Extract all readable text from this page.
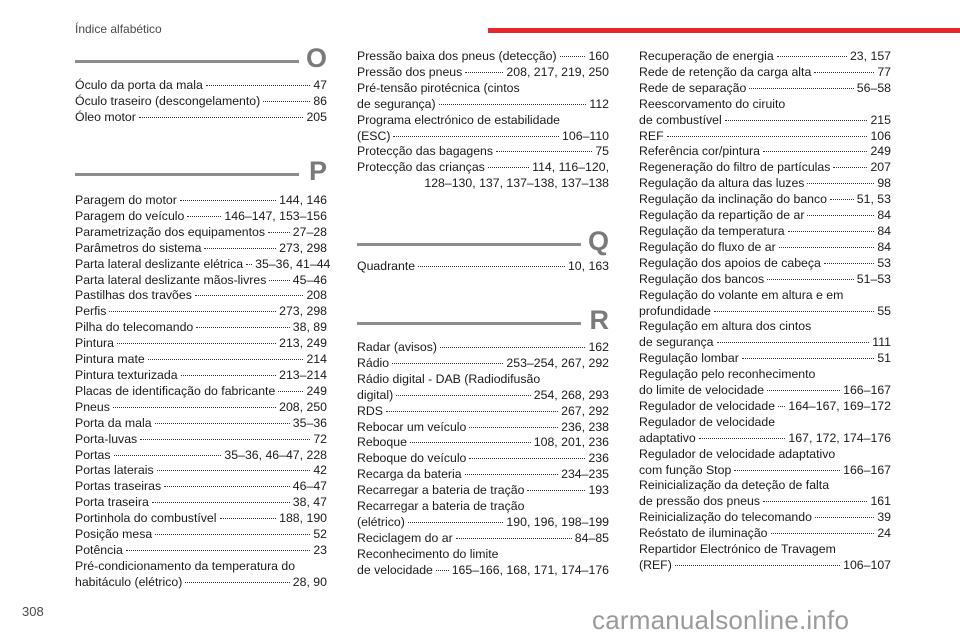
Índice alfabético
O
Óculo da porta da mala	47
Óculo traseiro (descongelamento)	86
Óleo motor	205
P
Paragem do motor	144, 146
Paragem do veículo	146–147, 153–156
Parametrização dos equipamentos 27–28
Parâmetros do sistema	273, 298
Parta lateral deslizante elétrica 35–36, 41–44
Parta lateral deslizante mãos-livres 45–46
Pastilhas dos travões	208
Perfis	273, 298
Pilha do telecomando	38, 89
Pintura	213, 249
Pintura mate	214
Pintura texturizada	213–214
Placas de identificação do fabricante	249
Pneus	208, 250
Porta da mala	35–36
Porta-luvas	72
Portas	35–36, 46–47, 228
Portas laterais	42
Portas traseiras	46–47
Porta traseira	38, 47
Portinhola do combustível	188, 190
Posição mesa	52
Potência	23
Pré-condicionamento da temperatura do
habitáculo (elétrico)	28, 90
Pressão baixa dos pneus (detecção)	160
Pressão dos pneus	208, 217, 219, 250
Pré-tensão pirotécnica (cintos
de segurança)	112
Programa electrónico de estabilidade
(ESC)	106–110
Protecção das bagagens	75
Protecção das crianças	114, 116–120,
128–130, 137, 137–138, 137–138
Q
Quadrante	10, 163
R
Radar (avisos)	162
Rádio	253–254, 267, 292
Rádio digital - DAB (Radiodifusão
digital)	254, 268, 293
RDS	267, 292
Rebocar um veículo	236, 238
Reboque	108, 201, 236
Reboque do veículo	236
Recarga da bateria	234–235
Recarregar a bateria de tração	193
Recarregar a bateria de tração
(elétrico)	190, 196, 198–199
Reciclagem do ar	84–85
Reconhecimento do limite
de velocidade 165–166, 168, 171, 174–176
Recuperação de energia	23, 157
Rede de retenção da carga alta	77
Rede de separação	56–58
Reescorvamento do ciruito
de combustível	215
REF	106
Referência cor/pintura	249
Regeneração do filtro de partículas	207
Regulação da altura das luzes	98
Regulação da inclinação do banco 51, 53
Regulação da repartição de ar	84
Regulação da temperatura	84
Regulação do fluxo de ar	84
Regulação dos apoios de cabeça	53
Regulação dos bancos	51–53
Regulação do volante em altura e em
profundidade	55
Regulação em altura dos cintos
de segurança	111
Regulação lombar	51
Regulação pelo reconhecimento
do limite de velocidade	166–167
Regulador de velocidade 164–167, 169–172
Regulador de velocidade
adaptativo	167, 172, 174–176
Regulador de velocidade adaptativo
com função Stop	166–167
Reinicialização da deteção de falta
de pressão dos pneus	161
Reinicialização do telecomando	39
Reóstato de iluminação	24
Repartidor Electrónico de Travagem
(REF)	106–107
308	carmanualsonline.info
